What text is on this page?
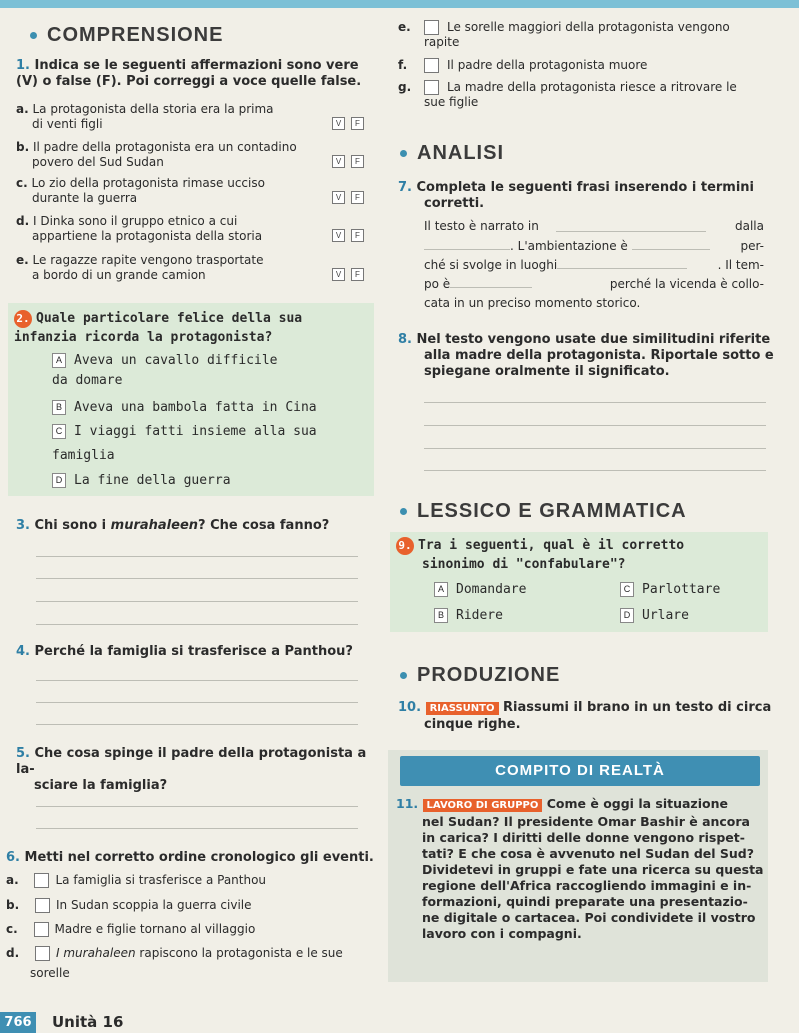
COMPRENSIONE
1. Indica se le seguenti affermazioni sono vere (V) o false (F). Poi correggi a voce quelle false.
a. La protagonista della storia era la prima
di venti figli	V	F
b. Il padre della protagonista era un contadino
povero del Sud Sudan	V	F
c. Lo zio della protagonista rimase ucciso
durante la guerra	V	F
d. I Dinka sono il gruppo etnico a cui
appartiene la protagonista della storia	V	F
e. Le ragazze rapite vengono trasportate
a bordo di un grande camion	V	F
2. Quale particolare felice della sua
infanzia ricorda la protagonista?
A Aveva un cavallo difficile
da domare
B Aveva una bambola fatta in Cina
C I viaggi fatti insieme alla sua
famiglia
D La fine della guerra
3. Chi sono i murahaleen? Che cosa fanno?
4. Perché la famiglia si trasferisce a Panthou?
5. Che cosa spinge il padre della protagonista a la-
sciare la famiglia?
6. Metti nel corretto ordine cronologico gli eventi.
a.	La famiglia si trasferisce a Panthou
b.	In Sudan scoppia la guerra civile
c.	Madre e figlie tornano al villaggio
d.	I murahaleen rapiscono la protagonista e le sue
sorelle
e.	Le sorelle maggiori della protagonista vengono
rapite
f.	Il padre della protagonista muore
g.	La madre della protagonista riesce a ritrovare le
sue figlie
ANALISI
7. Completa le seguenti frasi inserendo i termini
corretti.
Il testo è narrato in	dalla
. L'ambientazione è	per-
ché si svolge in luoghi	. Il tem-
po è	perché la vicenda è collo-
cata in un preciso momento storico.
8. Nel testo vengono usate due similitudini riferite
alla madre della protagonista. Riportale sotto e
spiegane oralmente il significato.
LESSICO E GRAMMATICA
9. Tra i seguenti, qual è il corretto
sinonimo di "confabulare"?
A Domandare	C Parlottare
B Ridere	D Urlare
PRODUZIONE
10. RIASSUNTO Riassumi il brano in un testo di circa
cinque righe.
COMPITO DI REALTÀ
11. LAVORO DI GRUPPO Come è oggi la situazione
nel Sudan? Il presidente Omar Bashir è ancora
in carica? I diritti delle donne vengono rispet-
tati? E che cosa è avvenuto nel Sudan del Sud?
Dividetevi in gruppi e fate una ricerca su questa
regione dell'Africa raccogliendo immagini e in-
formazioni, quindi preparate una presentazio-
ne digitale o cartacea. Poi condividete il vostro
lavoro con i compagni.
766 Unità 16
